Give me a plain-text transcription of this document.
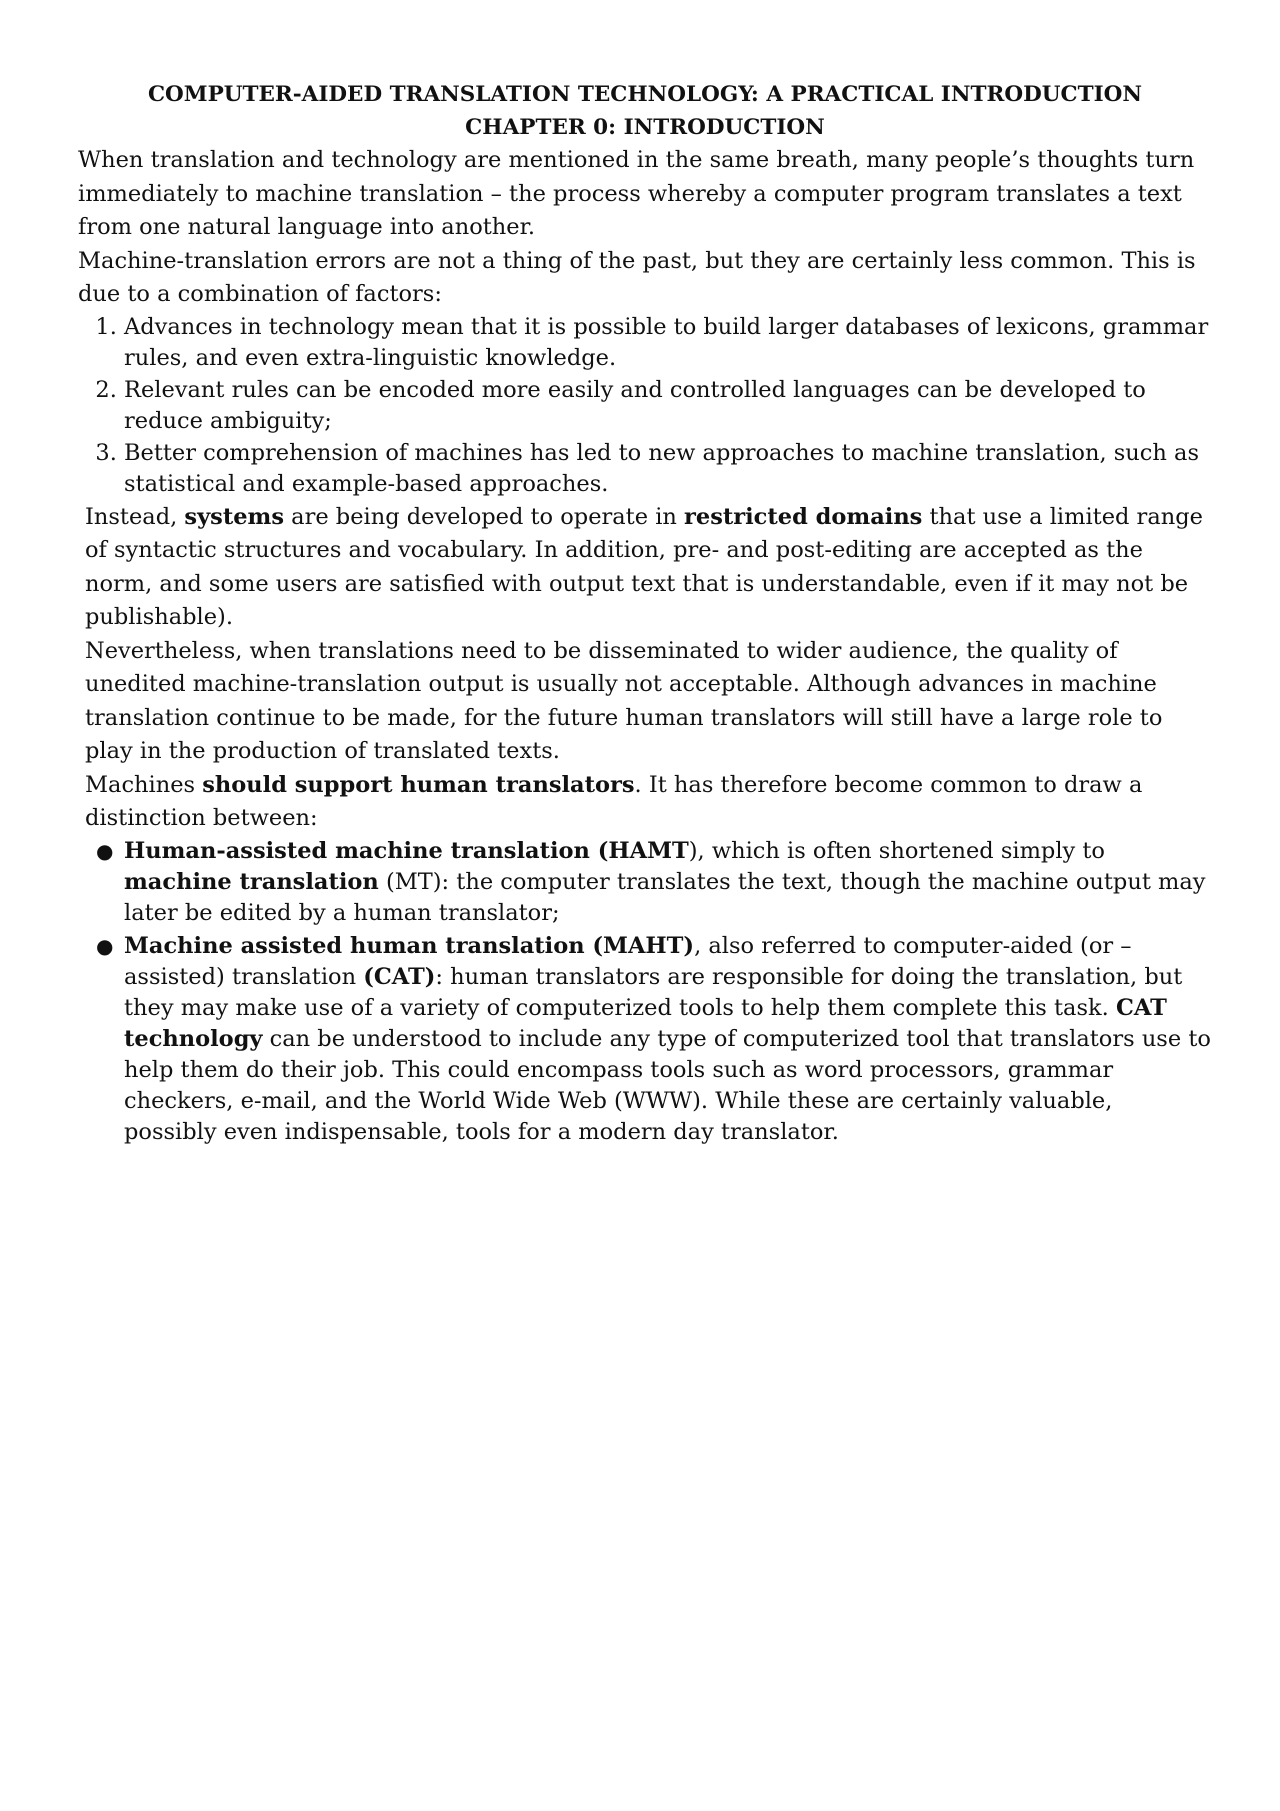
COMPUTER-AIDED TRANSLATION TECHNOLOGY: A PRACTICAL INTRODUCTION

CHAPTER 0: INTRODUCTION

When translation and technology are mentioned in the same breath, many people’s thoughts turn immediately to machine translation – the process whereby a computer program translates a text from one natural language into another.

Machine-translation errors are not a thing of the past, but they are certainly less common. This is due to a combination of factors:

1. Advances in technology mean that it is possible to build larger databases of lexicons, grammar rules, and even extra-linguistic knowledge.
2. Relevant rules can be encoded more easily and controlled languages can be developed to reduce ambiguity;
3. Better comprehension of machines has led to new approaches to machine translation, such as statistical and example-based approaches.

Instead, systems are being developed to operate in restricted domains that use a limited range of syntactic structures and vocabulary. In addition, pre- and post-editing are accepted as the norm, and some users are satisfied with output text that is understandable, even if it may not be publishable).

Nevertheless, when translations need to be disseminated to wider audience, the quality of unedited machine-translation output is usually not acceptable. Although advances in machine translation continue to be made, for the future human translators will still have a large role to play in the production of translated texts.

Machines should support human translators. It has therefore become common to draw a distinction between:

● Human-assisted machine translation (HAMT), which is often shortened simply to machine translation (MT): the computer translates the text, though the machine output may later be edited by a human translator;
● Machine assisted human translation (MAHT), also referred to computer-aided (or –assisted) translation (CAT): human translators are responsible for doing the translation, but they may make use of a variety of computerized tools to help them complete this task. CAT technology can be understood to include any type of computerized tool that translators use to help them do their job. This could encompass tools such as word processors, grammar checkers, e-mail, and the World Wide Web (WWW). While these are certainly valuable, possibly even indispensable, tools for a modern day translator.
